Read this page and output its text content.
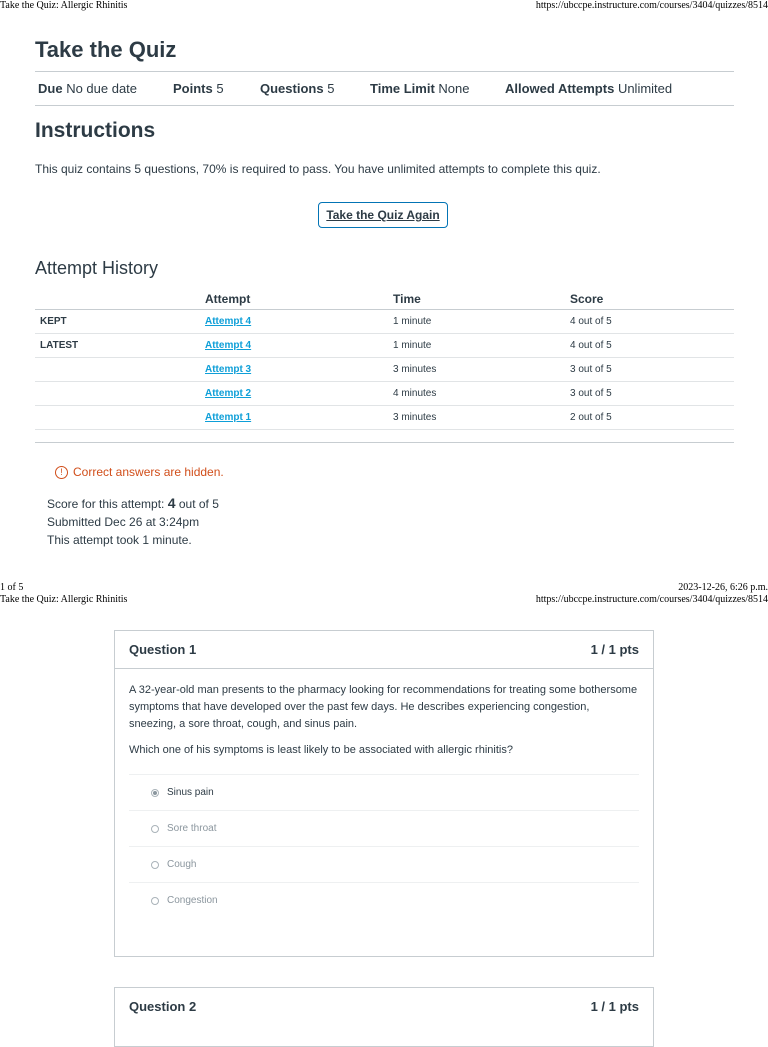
Take the Quiz: Allergic Rhinitis	https://ubccpe.instructure.com/courses/3404/quizzes/8514
Take the Quiz
Due No due date	Points 5	Questions 5	Time Limit None	Allowed Attempts Unlimited
Instructions
This quiz contains 5 questions, 70% is required to pass. You have unlimited attempts to complete this quiz.
Take the Quiz Again
Attempt History
	Attempt	Time	Score
KEPT	Attempt 4	1 minute	4 out of 5
LATEST	Attempt 4	1 minute	4 out of 5
	Attempt 3	3 minutes	3 out of 5
	Attempt 2	4 minutes	3 out of 5
	Attempt 1	3 minutes	2 out of 5
! Correct answers are hidden.
Score for this attempt: 4 out of 5
Submitted Dec 26 at 3:24pm
This attempt took 1 minute.
1 of 5	2023-12-26, 6:26 p.m.
Take the Quiz: Allergic Rhinitis	https://ubccpe.instructure.com/courses/3404/quizzes/8514
Question 1	1 / 1 pts

A 32-year-old man presents to the pharmacy looking for recommendations for treating some bothersome symptoms that have developed over the past few days. He describes experiencing congestion, sneezing, a sore throat, cough, and sinus pain.

Which one of his symptoms is least likely to be associated with allergic rhinitis?

Sinus pain
Sore throat
Cough
Congestion
Question 2	1 / 1 pts
